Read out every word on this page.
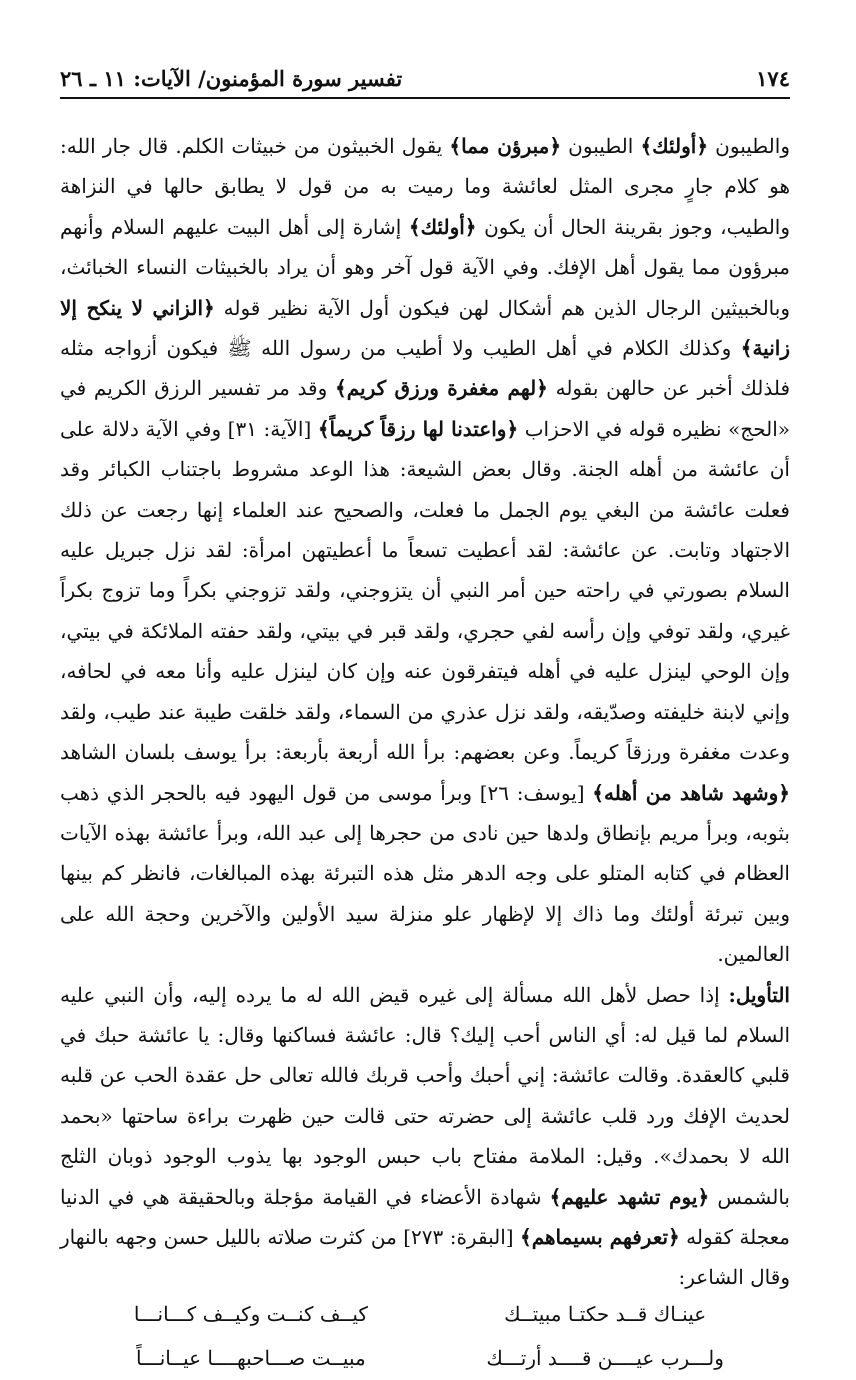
١٧٤
تفسير سورة المؤمنون/ الآيات: ١١ ـ ٢٦

والطيبون ﴿أولئك﴾ الطيبون ﴿مبرؤن مما﴾ يقول الخبيثون من خبيثات الكلم. قال جار الله: هو كلام جارٍ مجرى المثل لعائشة وما رميت به من قول لا يطابق حالها في النزاهة والطيب، وجوز بقرينة الحال أن يكون ﴿أولئك﴾ إشارة إلى أهل البيت عليهم السلام وأنهم مبرؤون مما يقول أهل الإفك. وفي الآية قول آخر وهو أن يراد بالخبيثات النساء الخبائث، وبالخبيثين الرجال الذين هم أشكال لهن فيكون أول الآية نظير قوله ﴿الزاني لا ينكح إلا زانية﴾ وكذلك الكلام في أهل الطيب ولا أطيب من رسول الله ﷺ فيكون أزواجه مثله فلذلك أخبر عن حالهن بقوله ﴿لهم مغفرة ورزق كريم﴾ وقد مر تفسير الرزق الكريم في «الحج» نظيره قوله في الاحزاب ﴿واعتدنا لها رزقاً كريماً﴾ [الآية: ٣١] وفي الآية دلالة على أن عائشة من أهله الجنة. وقال بعض الشيعة: هذا الوعد مشروط باجتناب الكبائر وقد فعلت عائشة من البغي يوم الجمل ما فعلت، والصحيح عند العلماء إنها رجعت عن ذلك الاجتهاد وتابت. عن عائشة: لقد أعطيت تسعاً ما أعطيتهن امرأة: لقد نزل جبريل عليه السلام بصورتي في راحته حين أمر النبي أن يتزوجني، ولقد تزوجني بكراً وما تزوج بكراً غيري، ولقد توفي وإن رأسه لفي حجري، ولقد قبر في بيتي، ولقد حفته الملائكة في بيتي، وإن الوحي لينزل عليه في أهله فيتفرقون عنه وإن كان لينزل عليه وأنا معه في لحافه، وإني لابنة خليفته وصدّيقه، ولقد نزل عذري من السماء، ولقد خلقت طيبة عند طيب، ولقد وعدت مغفرة ورزقاً كريماً. وعن بعضهم: برأ الله أربعة بأربعة: برأ يوسف بلسان الشاهد ﴿وشهد شاهد من أهله﴾ [يوسف: ٢٦] وبرأ موسى من قول اليهود فيه بالحجر الذي ذهب بثوبه، وبرأ مريم بإنطاق ولدها حين نادى من حجرها إلى عبد الله، وبرأ عائشة بهذه الآيات العظام في كتابه المتلو على وجه الدهر مثل هذه التبرئة بهذه المبالغات، فانظر كم بينها وبين تبرئة أولئك وما ذاك إلا لإظهار علو منزلة سيد الأولين والآخرين وحجة الله على العالمين.

التأويل: إذا حصل لأهل الله مسألة إلى غيره قيض الله له ما يرده إليه، وأن النبي عليه السلام لما قيل له: أي الناس أحب إليك؟ قال: عائشة فساكنها وقال: يا عائشة حبك في قلبي كالعقدة. وقالت عائشة: إني أحبك وأحب قربك فالله تعالى حل عقدة الحب عن قلبه لحديث الإفك ورد قلب عائشة إلى حضرته حتى قالت حين ظهرت براءة ساحتها «بحمد الله لا بحمدك». وقيل: الملامة مفتاح باب حبس الوجود بها يذوب الوجود ذوبان الثلج بالشمس ﴿يوم تشهد عليهم﴾ شهادة الأعضاء في القيامة مؤجلة وبالحقيقة هي في الدنيا معجلة كقوله ﴿تعرفهم بسيماهم﴾ [البقرة: ٢٧٣] من كثرت صلاته بالليل حسن وجهه بالنهار وقال الشاعر:

عينـاك قــد حكتـا مبيتــك
كيــف كنــت وكيــف كـــانـــا
ولـــرب عيــــن قــــد أرتـــك
مبيــت صـــاحبهــــا عيــانـــاً
